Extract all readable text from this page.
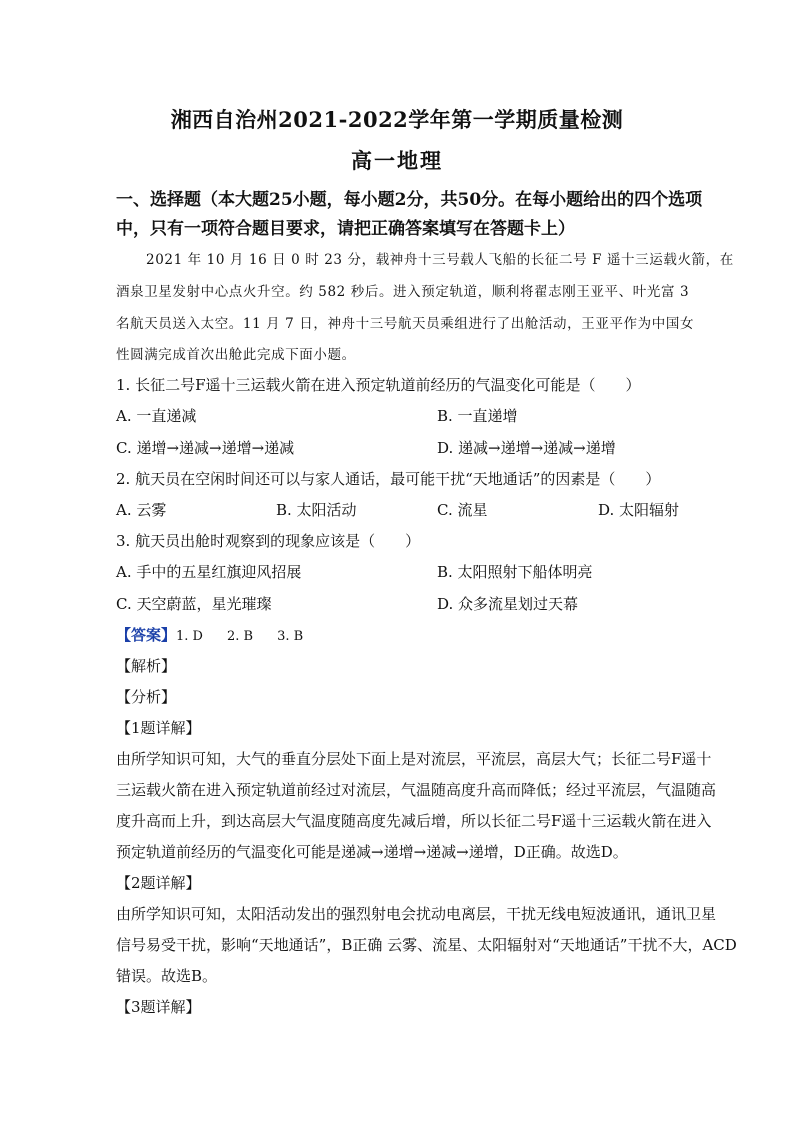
湘西自治州2021-2022学年第一学期质量检测
高一地理
一、选择题（本大题25小题，每小题2分，共50分。在每小题给出的四个选项
中，只有一项符合题目要求，请把正确答案填写在答题卡上）
2021 年 10 月 16 日 0 时 23 分，载神舟十三号载人飞船的长征二号 F 遥十三运载火箭，在
酒泉卫星发射中心点火升空。约 582 秒后。进入预定轨道，顺利将翟志刚王亚平、叶光富 3
名航天员送入太空。11 月 7 日，神舟十三号航天员乘组进行了出舱活动，王亚平作为中国女
性圆满完成首次出舱此完成下面小题。
1. 长征二号F遥十三运载火箭在进入预定轨道前经历的气温变化可能是（　　）
A. 一直递减	B. 一直递增
C. 递增→递减→递增→递减	D. 递减→递增→递减→递增
2. 航天员在空闲时间还可以与家人通话，最可能干扰“天地通话”的因素是（　　）
A. 云雾	B. 太阳活动	C. 流星	D. 太阳辐射
3. 航天员出舱时观察到的现象应该是（　　）
A. 手中的五星红旗迎风招展	B. 太阳照射下船体明亮
C. 天空蔚蓝，星光璀璨	D. 众多流星划过天幕
【答案】1. D 2. B 3. B
【解析】
【分析】
【1题详解】
由所学知识可知，大气的垂直分层处下面上是对流层，平流层，高层大气；长征二号F遥十
三运载火箭在进入预定轨道前经过对流层，气温随高度升高而降低；经过平流层，气温随高
度升高而上升，到达高层大气温度随高度先减后增，所以长征二号F遥十三运载火箭在进入
预定轨道前经历的气温变化可能是递减→递增→递减→递增，D正确。故选D。
【2题详解】
由所学知识可知，太阳活动发出的强烈射电会扰动电离层，干扰无线电短波通讯，通讯卫星
信号易受干扰，影响“天地通话”，B正确 云雾、流星、太阳辐射对“天地通话”干扰不大，ACD
错误。故选B。
【3题详解】
